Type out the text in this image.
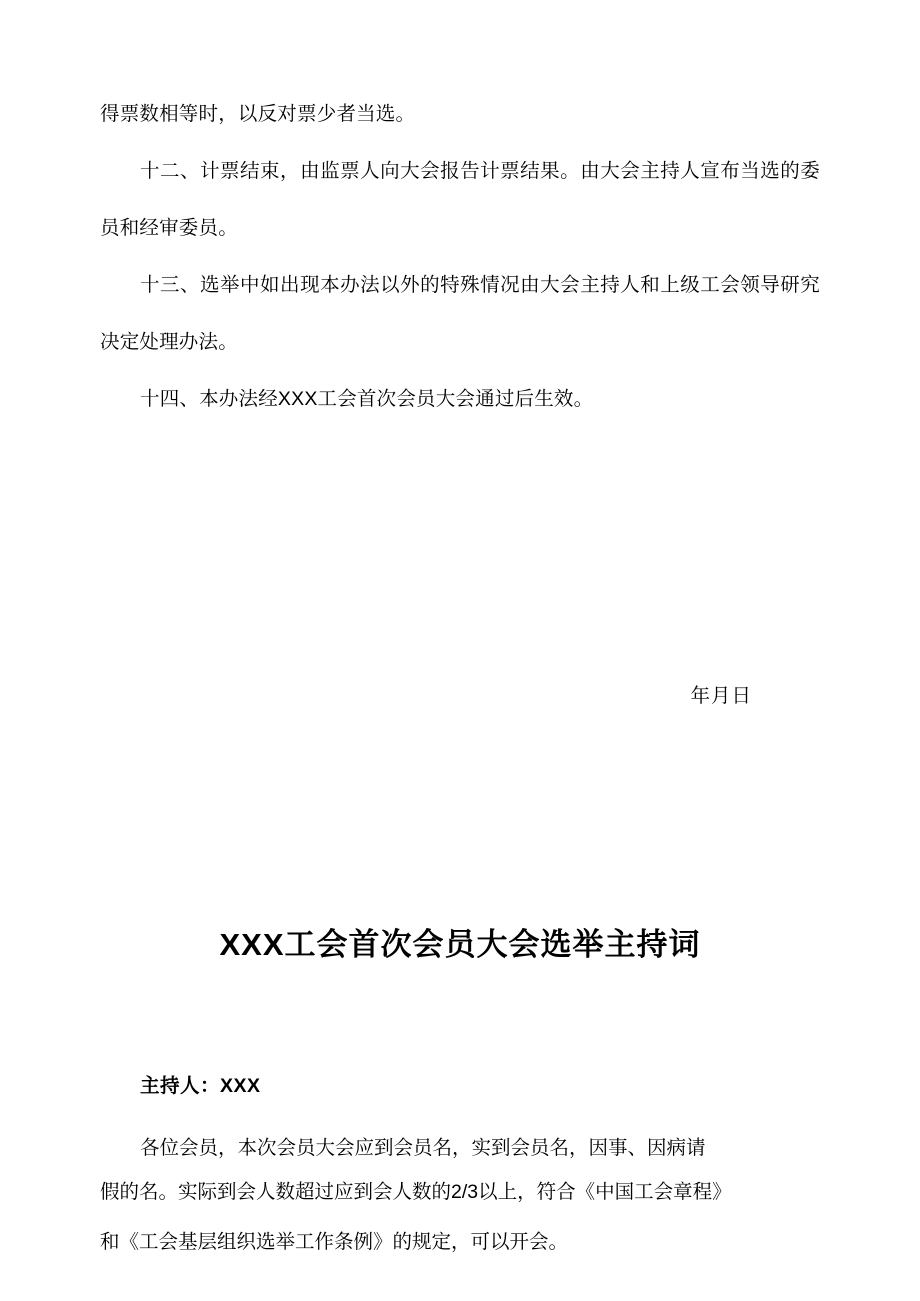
得票数相等时，以反对票少者当选。

十二、计票结束，由监票人向大会报告计票结果。由大会主持人宣布当选的委员和经审委员。

十三、选举中如出现本办法以外的特殊情况由大会主持人和上级工会领导研究决定处理办法。

十四、本办法经XXX工会首次会员大会通过后生效。

年月日

XXX工会首次会员大会选举主持词

主持人：XXX

各位会员，本次会员大会应到会员名，实到会员名，因事、因病请

假的名。实际到会人数超过应到会人数的2/3以上，符合《中国工会章程》

和《工会基层组织选举工作条例》的规定，可以开会。
